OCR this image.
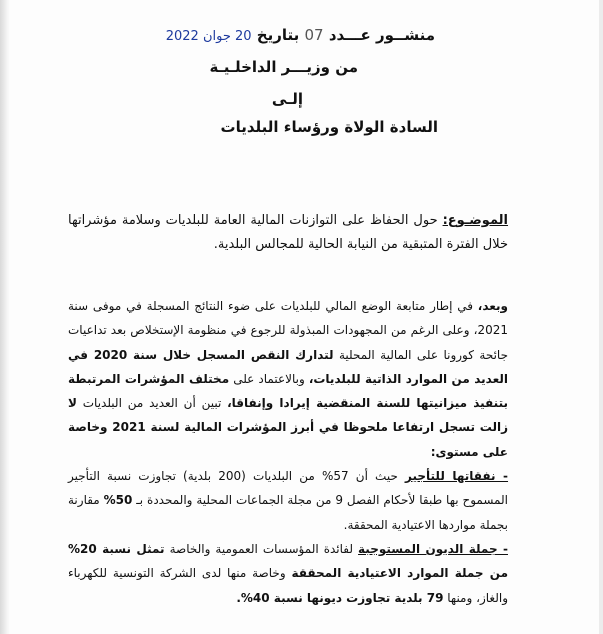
منشــور عـــدد 07 بتاريخ 20 جوان 2022
من وزيـــر الداخلـيـة
إلـى
السادة الولاة ورؤساء البلديات
الموضـوع: حول الحفاظ على التوازنات المالية العامة للبلديات وسلامة مؤشراتها خلال الفترة المتبقية من النيابة الحالية للمجالس البلدية.

وبعد، في إطار متابعة الوضع المالي للبلديات على ضوء النتائج المسجلة في موفى سنة 2021، وعلى الرغم من المجهودات المبذولة للرجوع في منظومة الإستخلاص بعد تداعيات جائحة كورونا على المالية المحلية لتدارك النقص المسجل خلال سنة 2020 في العديد من الموارد الذاتية للبلديات، وبالاعتماد على مختلف المؤشرات المرتبطة بتنفيذ ميزانيتها للسنة المنقضية إيرادا وإنفاقا، تبين أن العديد من البلديات لا زالت تسجل ارتفاعا ملحوظا في أبرز المؤشرات المالية لسنة 2021 وخاصة على مستوى:

- نفقاتها للتأجير حيث أن 57% من البلديات (200 بلدية) تجاوزت نسبة التأجير المسموح بها طبقا لأحكام الفصل 9 من مجلة الجماعات المحلية والمحددة بـ 50% مقارنة بجملة مواردها الاعتيادية المحققة.

- جملة الديون المستوجبة لفائدة المؤسسات العمومية والخاصة تمثل نسبة 20% من جملة الموارد الاعتيادية المحققة وخاصة منها لدى الشركة التونسية للكهرباء والغاز، ومنها 79 بلدية تجاوزت ديونها نسبة 40%.
